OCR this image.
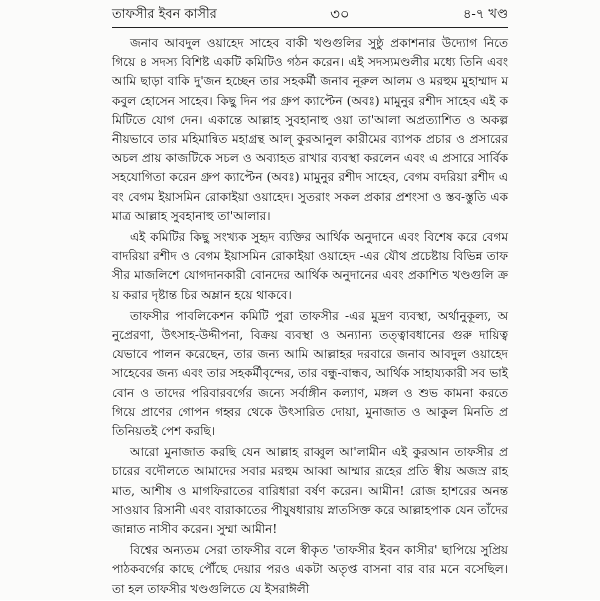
তাফসীর ইবন কাসীর	৩০	৪-৭ খণ্ড

জনাব আবদুল ওয়াহেদ সাহেব বাকী খণ্ডগুলির সুষ্ঠু প্রকাশনার উদ্যোগ নিতে গিয়ে ৪ সদস্য বিশিষ্ট একটি কমিটিও গঠন করেন। এই সদস্যমণ্ডলীর মধ্যে তিনি এবং আমি ছাড়া বাকি দু'জন হচ্ছেন তার সহকর্মী জনাব নূরুল আলম ও মরহুম মুহাম্মাদ মকবুল হোসেন সাহেব। কিছু দিন পর গ্রুপ ক্যাপ্টেন (অবঃ) মামুনুর রশীদ সাহেব এই কমিটিতে যোগ দেন। একান্তে আল্লাহ সুবহানাহু ওয়া তা'আলা অপ্রত্যাশিত ও অকল্পনীয়ভাবে তার মহিমান্বিত মহাগ্রন্থ আল্ কুরআনুল কারীমের ব্যাপক প্রচার ও প্রসারের অচল প্রায় কাজটিকে সচল ও অব্যাহত রাখার ব্যবস্থা করলেন এবং এ প্রসারে সার্বিক সহযোগিতা করেন গ্রুপ ক্যাপ্টেন (অবঃ) মামুনুর রশীদ সাহেব, বেগম বদরিয়া রশীদ এবং বেগম ইয়াসমিন রোকাইয়া ওয়াহেদ। সুতরাং সকল প্রকার প্রশংসা ও স্তব-স্তুতি একমাত্র আল্লাহ সুবহানাহু তা'আলার।

এই কমিটির কিছু সংখ্যক সুহৃদ ব্যক্তির আর্থিক অনুদানে এবং বিশেষ করে বেগম বাদরিয়া রশীদ ও বেগম ইয়াসমিন রোকাইয়া ওয়াহেদ -এর যৌথ প্রচেষ্টায় বিভিন্ন তাফসীর মাজলিশে যোগদানকারী বোনদের আর্থিক অনুদানের এবং প্রকাশিত খণ্ডগুলি ক্রয় করার দৃষ্টান্ত চির অম্লান হয়ে থাকবে।

তাফসীর পাবলিকেশন কমিটি পুরা তাফসীর -এর মুদ্রণ ব্যবস্থা, অর্থানুকূল্য, অনুপ্রেরণা, উৎসাহ-উদ্দীপনা, বিক্রয় ব্যবস্থা ও অন্যান্য তত্ত্বাবধানের গুরু দায়িত্ব যেভাবে পালন করেছেন, তার জন্য আমি আল্লাহর দরবারে জনাব আবদুল ওয়াহেদ সাহেবের জন্য এবং তার সহকর্মীবৃন্দের, তার বন্ধু-বান্ধব, আর্থিক সাহায্যকারী সব ভাই বোন ও তাদের পরিবারবর্গের জন্যে সর্বাঙ্গীন কল্যাণ, মঙ্গল ও শুভ কামনা করতে গিয়ে প্রাণের গোপন গহ্বর থেকে উৎসারিত দোয়া, মুনাজাত ও আকুল মিনতি প্রতিনিয়তই পেশ করছি।

আরো মুনাজাত করছি যেন আল্লাহ রাব্বুল আ'লামীন এই কুরআন তাফসীর প্রচারের বদৌলতে আমাদের সবার মরহুম আব্বা আম্মার রূহের প্রতি স্বীয় অজস্র রাহমাত, আশীষ ও মাগফিরাতের বারিধারা বর্ষণ করেন। আমীন! রোজ হাশরের অনন্ত সাওয়াব রিসানী এবং বারাকাতের পীযুষধারায় স্নাতসিক্ত করে আল্লাহপাক যেন তাঁদের জান্নাত নাসীব করেন। সুম্মা আমীন!

বিশ্বের অন্যতম সেরা তাফসীর বলে স্বীকৃত 'তাফসীর ইবন কাসীর' ছাপিয়ে সুপ্রিয় পাঠকবর্গের কাছে পৌঁছে দেয়ার পরও একটা অতৃপ্ত বাসনা বার বার মনে বসেছিল। তা হল তাফসীর খণ্ডগুলিতে যে ইসরাঈলী
